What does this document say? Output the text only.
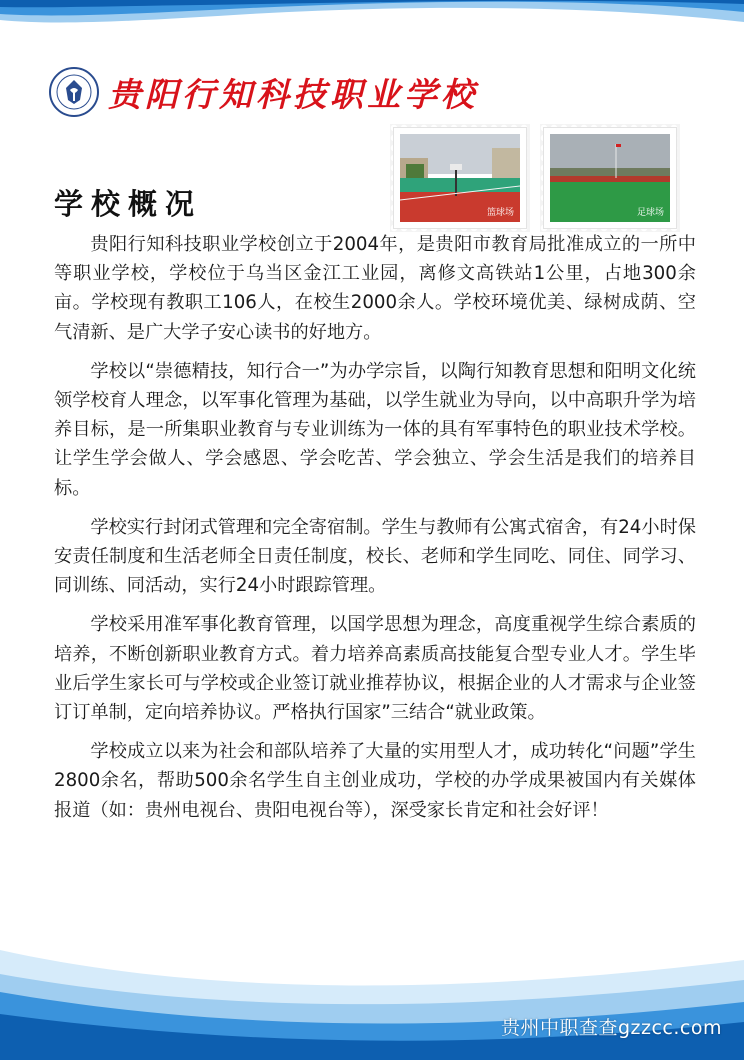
贵阳行知科技职业学校
篮球场	足球场
学校概况

贵阳行知科技职业学校创立于2004年，是贵阳市教育局批准成立的一所中等职业学校，学校位于乌当区金江工业园，离修文高铁站1公里，占地300余亩。学校现有教职工106人，在校生2000余人。学校环境优美、绿树成荫、空气清新、是广大学子安心读书的好地方。

学校以“崇德精技，知行合一”为办学宗旨，以陶行知教育思想和阳明文化统领学校育人理念，以军事化管理为基础，以学生就业为导向，以中高职升学为培养目标，是一所集职业教育与专业训练为一体的具有军事特色的职业技术学校。让学生学会做人、学会感恩、学会吃苦、学会独立、学会生活是我们的培养目标。

学校实行封闭式管理和完全寄宿制。学生与教师有公寓式宿舍，有24小时保安责任制度和生活老师全日责任制度，校长、老师和学生同吃、同住、同学习、同训练、同活动，实行24小时跟踪管理。

学校采用准军事化教育管理，以国学思想为理念，高度重视学生综合素质的培养，不断创新职业教育方式。着力培养高素质高技能复合型专业人才。学生毕业后学生家长可与学校或企业签订就业推荐协议，根据企业的人才需求与企业签订订单制，定向培养协议。严格执行国家”三结合“就业政策。

学校成立以来为社会和部队培养了大量的实用型人才，成功转化“问题”学生2800余名，帮助500余名学生自主创业成功，学校的办学成果被国内有关媒体报道（如：贵州电视台、贵阳电视台等），深受家长肯定和社会好评！

贵州中职查查gzzcc.com
